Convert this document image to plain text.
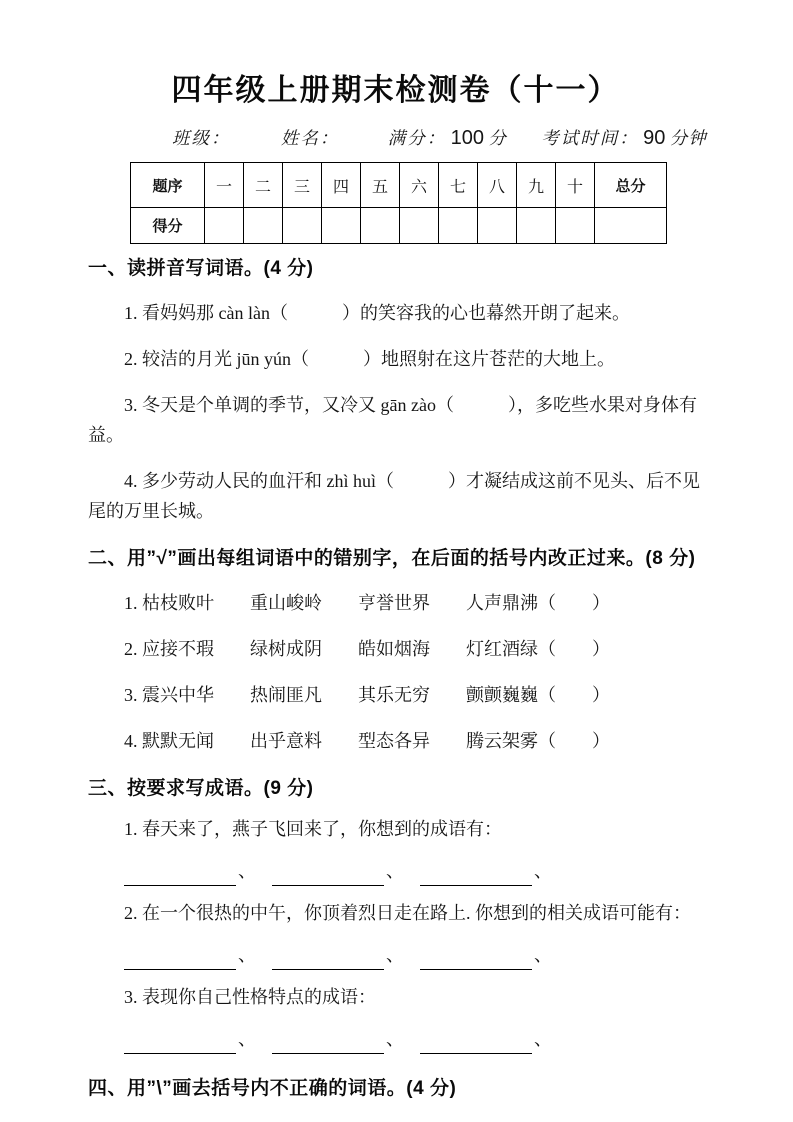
四年级上册期末检测卷（十一）
班级：	姓名：	满分： 100 分 考试时间： 90 分钟
题序	一	二	三	四	五	六	七	八	九	十	总分
得分											
一、读拼音写词语。(4 分)

1. 看妈妈那 càn làn（　　　）的笑容我的心也幕然开朗了起来。

2. 较洁的月光 jūn yún（　　　）地照射在这片苍茫的大地上。

3. 冬天是个单调的季节，又冷又 gān zào（　　　），多吃些水果对身体有益。

4. 多少劳动人民的血汗和 zhì huì（　　　）才凝结成这前不见头、后不见尾的万里长城。

二、用”√”画出每组词语中的错别字，在后面的括号内改正过来。(8 分)

1. 枯枝败叶　　重山峻岭　　亨誉世界　　人声鼎沸（　　）

2. 应接不瑕　　绿树成阴　　皓如烟海　　灯红酒绿（　　）

3. 震兴中华　　热闹匪凡　　其乐无穷　　颤颤巍巍（　　）

4. 默默无闻　　出乎意料　　型态各异　　腾云架雾（　　）

三、按要求写成语。(9 分)

1. 春天来了，燕子飞回来了，你想到的成语有：

、	、	、

2. 在一个很热的中午，你顶着烈日走在路上. 你想到的相关成语可能有：

、	、	、

3. 表现你自己性格特点的成语：

、	、	、
四、用”\”画去括号内不正确的词语。(4 分)
